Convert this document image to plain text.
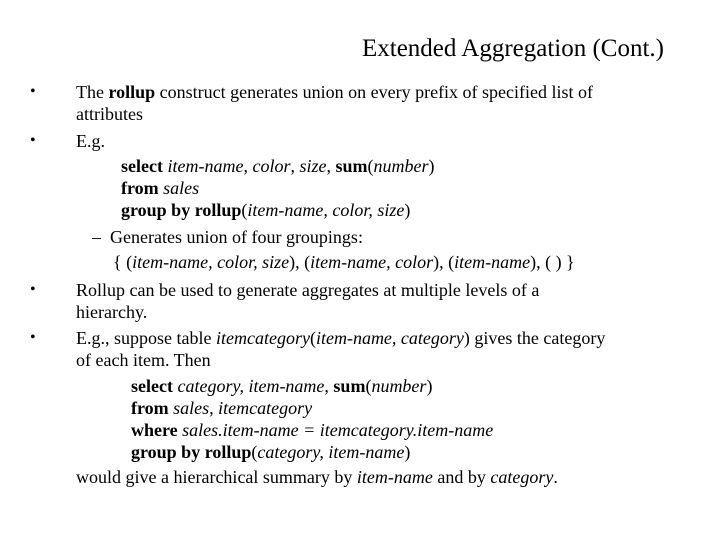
Extended Aggregation (Cont.)
• The rollup construct generates union on every prefix of specified list of
attributes
• E.g.
select item-name, color, size, sum(number)
from sales
group by rollup(item-name, color, size)
– Generates union of four groupings:
{ (item-name, color, size), (item-name, color), (item-name), ( ) }
• Rollup can be used to generate aggregates at multiple levels of a
hierarchy.
• E.g., suppose table itemcategory(item-name, category) gives the category
of each item. Then
select category, item-name, sum(number)
from sales, itemcategory
where sales.item-name = itemcategory.item-name
group by rollup(category, item-name)
would give a hierarchical summary by item-name and by category.
